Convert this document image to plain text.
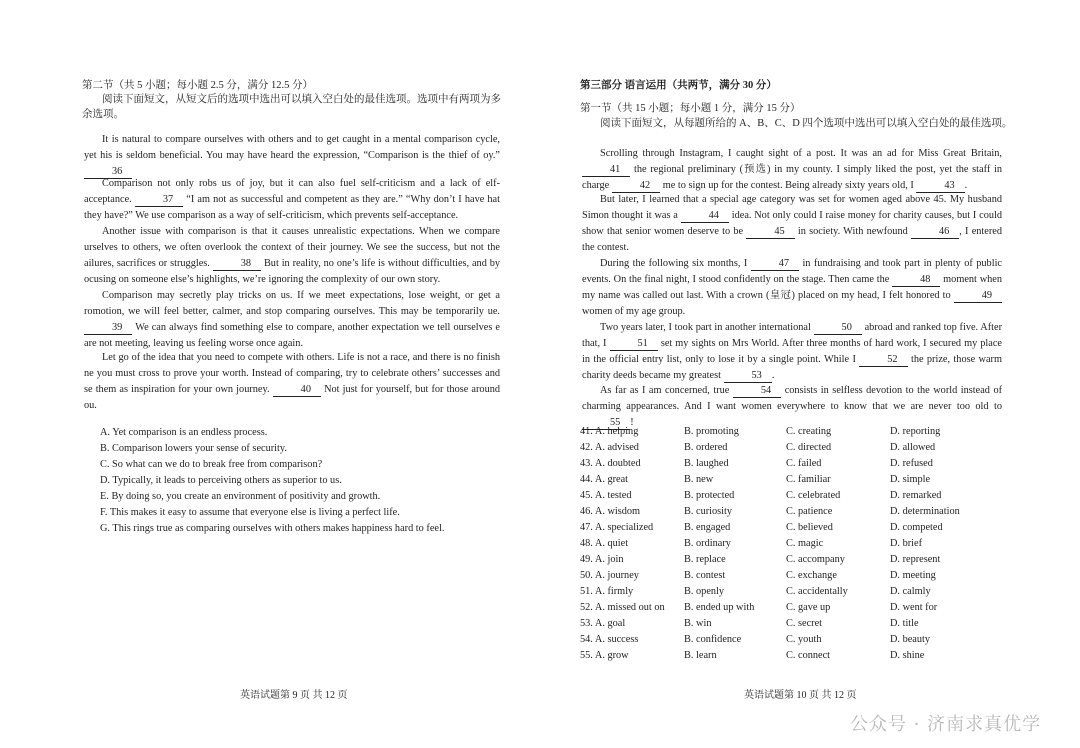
第二节（共 5 小题；每小题 2.5 分，满分 12.5 分）
阅读下面短文，从短文后的选项中选出可以填入空白处的最佳选项。选项中有两项为多余选项。
It is natural to compare ourselves with others and to get caught in a mental comparison cycle, yet his is seldom beneficial. You may have heard the expression, “Comparison is the thief of oy.” 36
Comparison not only robs us of joy, but it can also fuel self-criticism and a lack of elf-acceptance.	37 “I am not as successful and competent as they are.” “Why don’t I have hat they have?” We use comparison as a way of self-criticism, which prevents self-acceptance.
Another issue with comparison is that it causes unrealistic expectations. When we compare urselves to others, we often overlook the context of their journey. We see the success, but not the ailures, sacrifices or struggles.	38 But in reality, no one’s life is without difficulties, and by ocusing on someone else’s highlights, we’re ignoring the complexity of our own story.
Comparison may secretly play tricks on us. If we meet expectations, lose weight, or get a romotion, we will feel better, calmer, and stop comparing ourselves. This may be temporarily ue. 39 We can always find something else to compare, another expectation we tell ourselves e are not meeting, leaving us feeling worse once again.
Let go of the idea that you need to compete with others. Life is not a race, and there is no finish ne you must cross to prove your worth. Instead of comparing, try to celebrate others’ successes and se them as inspiration for your own journey.	40 Not just for yourself, but for those around ou.
A. Yet comparison is an endless process.
B. Comparison lowers your sense of security.
C. So what can we do to break free from comparison?
D. Typically, it leads to perceiving others as superior to us.
E. By doing so, you create an environment of positivity and growth.
F. This makes it easy to assume that everyone else is living a perfect life.
G. This rings true as comparing ourselves with others makes happiness hard to feel.
英语试题第 9 页 共 12 页
第三部分 语言运用（共两节，满分 30 分）
第一节（共 15 小题；每小题 1 分，满分 15 分）
阅读下面短文，从每题所给的 A、B、C、D 四个选项中选出可以填入空白处的最佳选项。
Scrolling through Instagram, I caught sight of a post. It was an ad for Miss Great Britain, 41 the regional preliminary (预选) in my county. I simply liked the post, yet the staff in charge	42 me to sign up for the contest. Being already sixty years old, I	43 .
But later, I learned that a special age category was set for women aged above 45. My husband Simon thought it was a	44 idea. Not only could I raise money for charity causes, but I could show that senior women deserve to be	45 in society. With newfound	46 , I entered the contest.
During the following six months, I	47 in fundraising and took part in plenty of public events. On the final night, I stood confidently on the stage. Then came the	48 moment when my name was called out last. With a crown (皇冠) placed on my head, I felt honored to	49 women of my age group.
Two years later, I took part in another international	50 abroad and ranked top five. After that, I	51 set my sights on Mrs World. After three months of hard work, I secured my place in the official entry list, only to lose it by a single point. While I	52 the prize, those warm charity deeds became my greatest	53 .
As far as I am concerned, true	54 consists in selfless devotion to the world instead of charming appearances. And I want women everywhere to know that we are never too old to 55 !
41. A. helping	B. promoting	C. creating	D. reporting
42. A. advised	B. ordered	C. directed	D. allowed
43. A. doubted	B. laughed	C. failed	D. refused
44. A. great	B. new	C. familiar	D. simple
45. A. tested	B. protected	C. celebrated	D. remarked
46. A. wisdom	B. curiosity	C. patience	D. determination
47. A. specialized	B. engaged	C. believed	D. competed
48. A. quiet	B. ordinary	C. magic	D. brief
49. A. join	B. replace	C. accompany	D. represent
50. A. journey	B. contest	C. exchange	D. meeting
51. A. firmly	B. openly	C. accidentally	D. calmly
52. A. missed out on B. ended up with	C. gave up	D. went for
53. A. goal	B. win	C. secret	D. title
54. A. success	B. confidence	C. youth	D. beauty
55. A. grow	B. learn	C. connect	D. shine
英语试题第 10 页 共 12 页
公众号 · 济南求真优学
